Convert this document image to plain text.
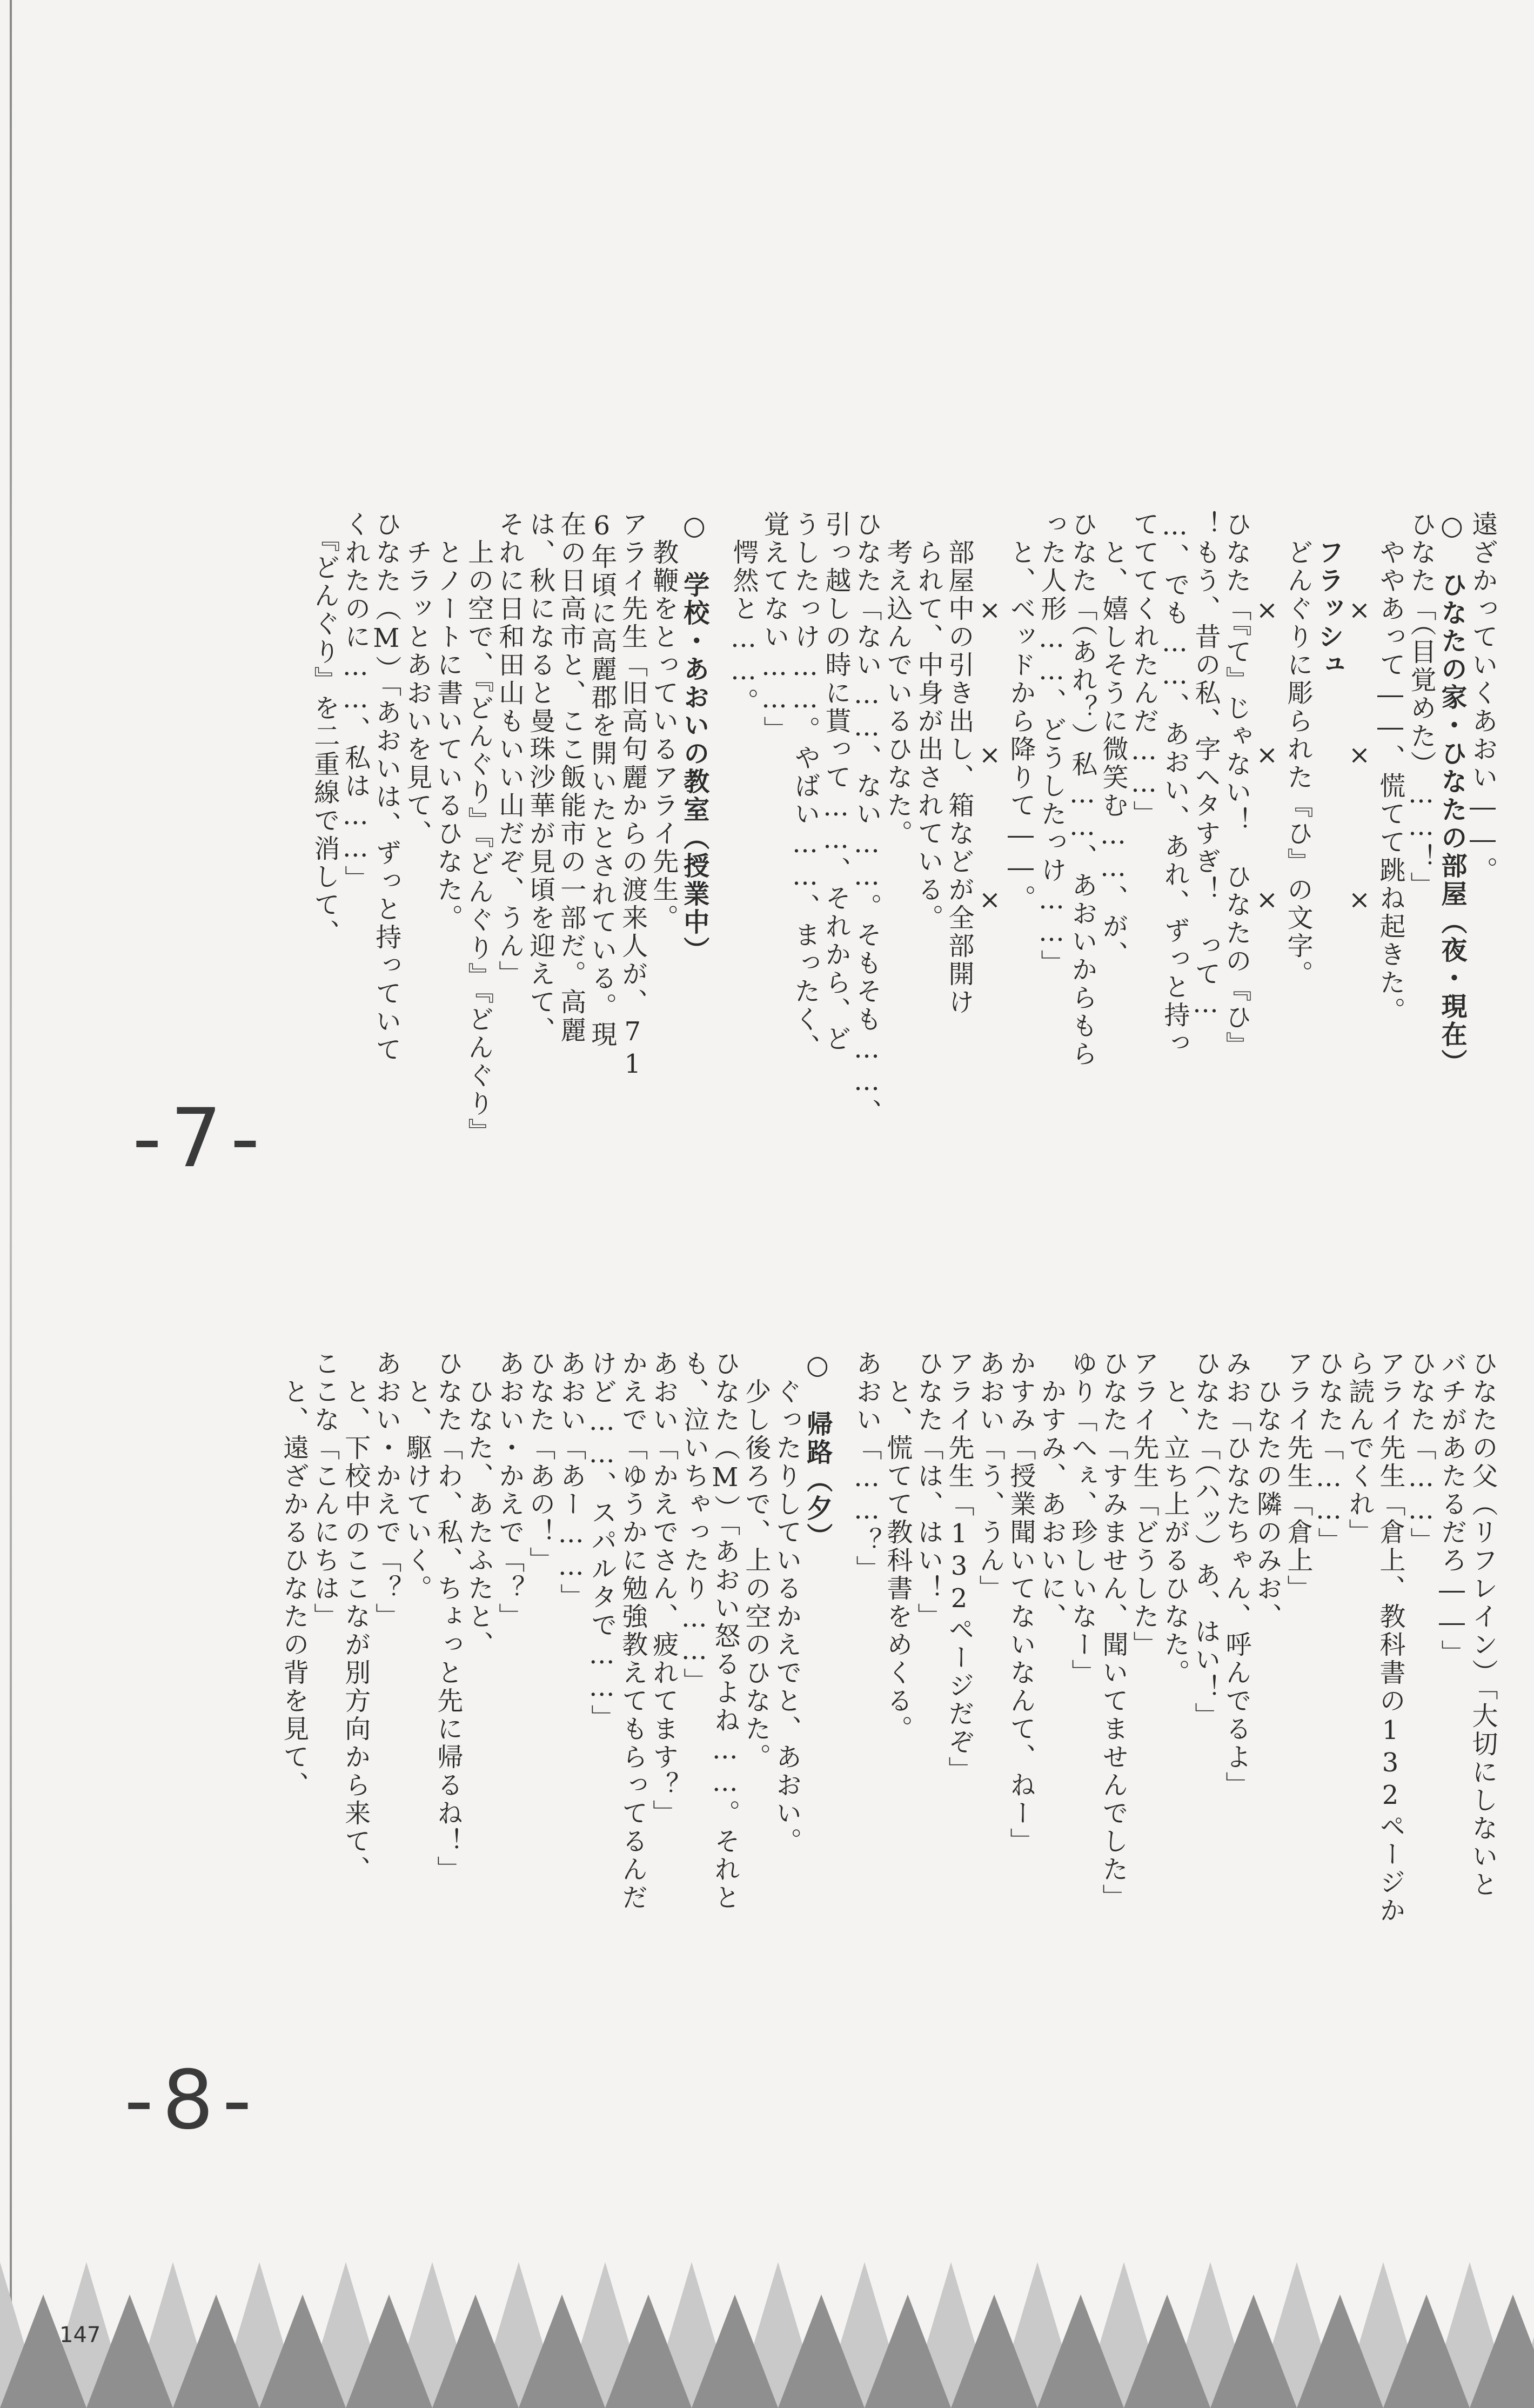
遠ざかっていくあおい――。
○　ひなたの家・ひなたの部屋（夜・現在）
ひなた「（目覚めた）……！」
　ややあって――、慌てて跳ね起きた。
　　　×　　　　×　　　　×
　フラッシュ
　どんぐりに彫られた『ひ』の文字。
　　　×　　　　×　　　　×
ひなた「『て』じゃない！　ひなたの『ひ』
！もう、昔の私、字ヘタすぎ！　って…
…、でも……、あおい、あれ、ずっと持っ
てててくれたんだ……」
　と、嬉しそうに微笑む……、が、
ひなた「（あれ？）私……、あおいからもら
った人形……、どうしたっけ……」
　と、ベッドから降りて――。
　　　×　　　　×　　　　×
　部屋中の引き出し、箱などが全部開け
　られて、中身が出されている。
　考え込んでいるひなた。
ひなた「ない……、ない……。そもそも……、
引っ越しの時に貰って……、それから、ど
うしたっけ……。やばい……、まったく、
覚えてない……」
　愕然と……。
○　学校・あおいの教室（授業中）
　教鞭をとっているアライ先生。
アライ先生「旧高句麗からの渡来人が、71
6年頃に高麗郡を開いたとされている。現
在の日高市と、ここ飯能市の一部だ。高麗
は、秋になると曼珠沙華が見頃を迎えて、
それに日和田山もいい山だぞ、うん」
　上の空で、『どんぐり』『どんぐり』『どんぐり』
　とノートに書いているひなた。
　チラッとあおいを見て、
ひなた（M）「あおいは、ずっと持っていて
くれたのに……、私は……」
　『どんぐり』を二重線で消して、
ひなたの父（リフレイン）「大切にしないと
バチがあたるだろ――」
ひなた「……」
アライ先生「倉上、教科書の132ページか
ら読んでくれ」
ひなた「……」
アライ先生「倉上」
　ひなたの隣のみお、
みお「ひなたちゃん、呼んでるよ」
ひなた「（ハッ）あ、はい！」
　と、立ち上がるひなた。
アライ先生「どうした」
ひなた「すみません、聞いてませんでした」
ゆり「へぇ、珍しいなー」
　かすみ、あおいに、
かすみ「授業聞いてないなんて、ねー」
あおい「う、うん」
アライ先生「132ページだぞ」
ひなた「は、はい！」
　と、慌てて教科書をめくる。
あおい「……？」
○　帰路（夕）
　ぐったりしているかえでと、あおい。
　少し後ろで、上の空のひなた。
ひなた（M）「あおい怒るよね……。それと
も、泣いちゃったり……」
あおい「かえでさん、疲れてます？」
かえで「ゆうかに勉強教えてもらってるんだ
けど……、スパルタで……」
あおい「あー……」
ひなた「あの！」
あおい・かえで「？」
　ひなた、あたふたと、
ひなた「わ、私、ちょっと先に帰るね！」
　と、駆けていく。
あおい・かえで「？」
　と、下校中のここなが別方向から来て、
ここな「こんにちは」
　と、遠ざかるひなたの背を見て、
-7-
-8-
147
